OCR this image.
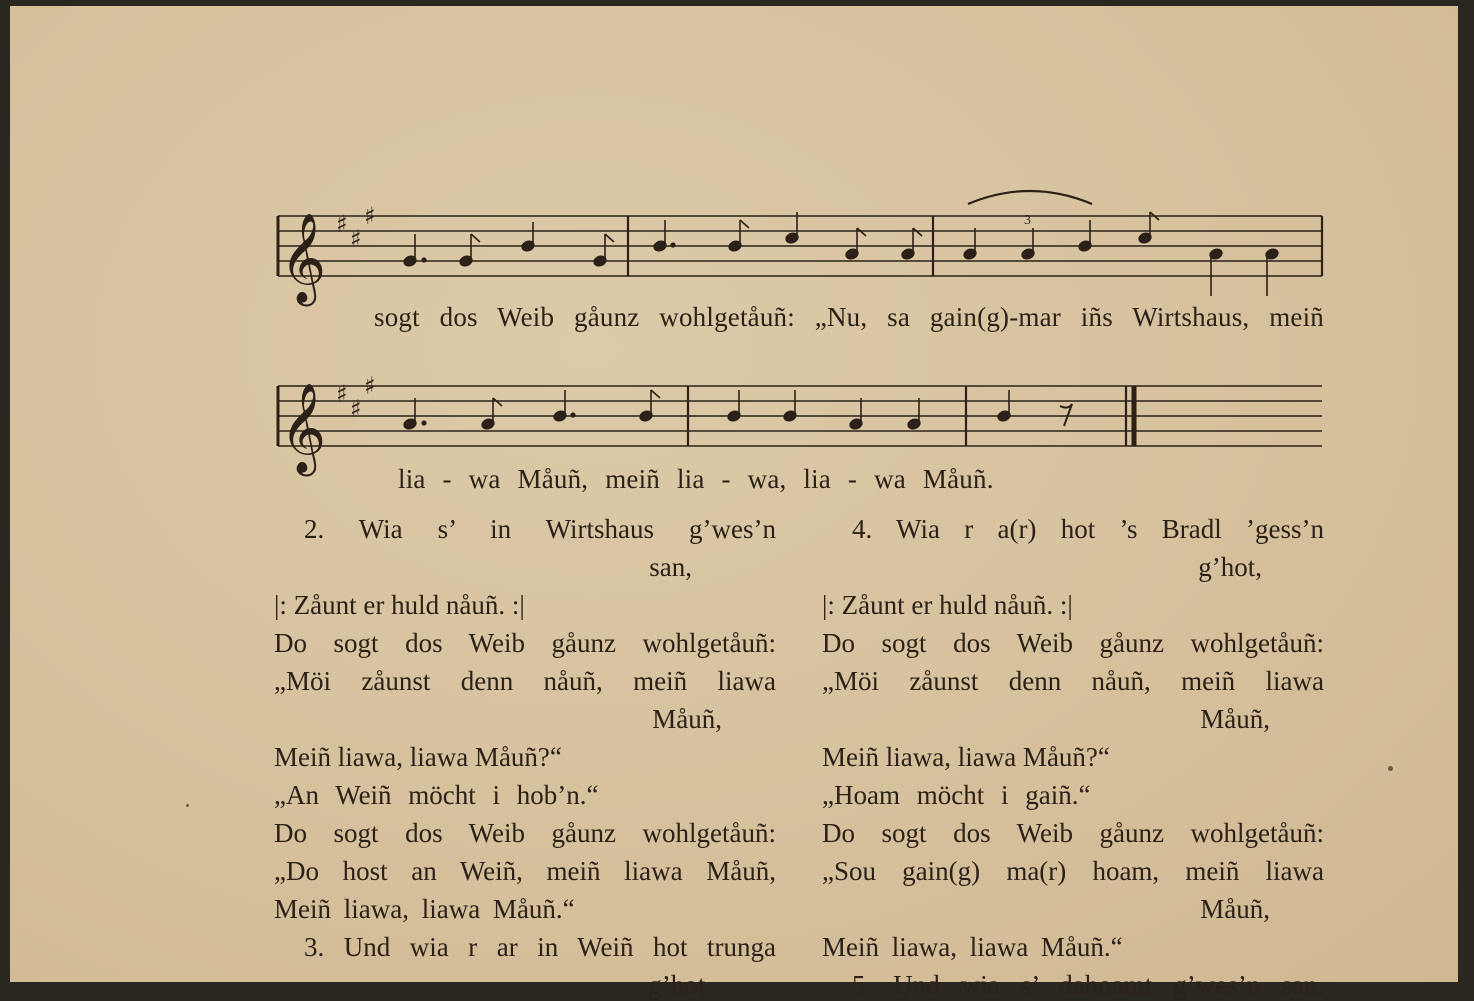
𝄞 ♯
♯
♯	3
𝄞 ♯
♯
♯
sogt dos Weib gåunz wohlgetåuñ: „Nu, sa gain(g)-mar iñs Wirtshaus, meiñ
lia - wa Måuñ, meiñ lia - wa, lia - wa Måuñ.
2. Wia s’ in Wirtshaus g’wes’n
san,
|: Zåunt er huld nåuñ. :|
Do sogt dos Weib gåunz wohlgetåuñ:
„Möi zåunst denn nåuñ, meiñ liawa
Måuñ,
Meiñ liawa, liawa Måuñ?“
„An Weiñ möcht i hob’n.“
Do sogt dos Weib gåunz wohlgetåuñ:
„Do host an Weiñ, meiñ liawa Måuñ,
Meiñ liawa, liawa Måuñ.“
3. Und wia r ar in Weiñ hot trunga
g’hot,
4. Wia r a(r) hot ’s Bradl ’gess’n
g’hot,
|: Zåunt er huld nåuñ. :|
Do sogt dos Weib gåunz wohlgetåuñ:
„Möi zåunst denn nåuñ, meiñ liawa
Måuñ,
Meiñ liawa, liawa Måuñ?“
„Hoam möcht i gaiñ.“
Do sogt dos Weib gåunz wohlgetåuñ:
„Sou gain(g) ma(r) hoam, meiñ liawa
Måuñ,
Meiñ liawa, liawa Måuñ.“
5. Und wia s’ dahoamt g’wes’n san,
